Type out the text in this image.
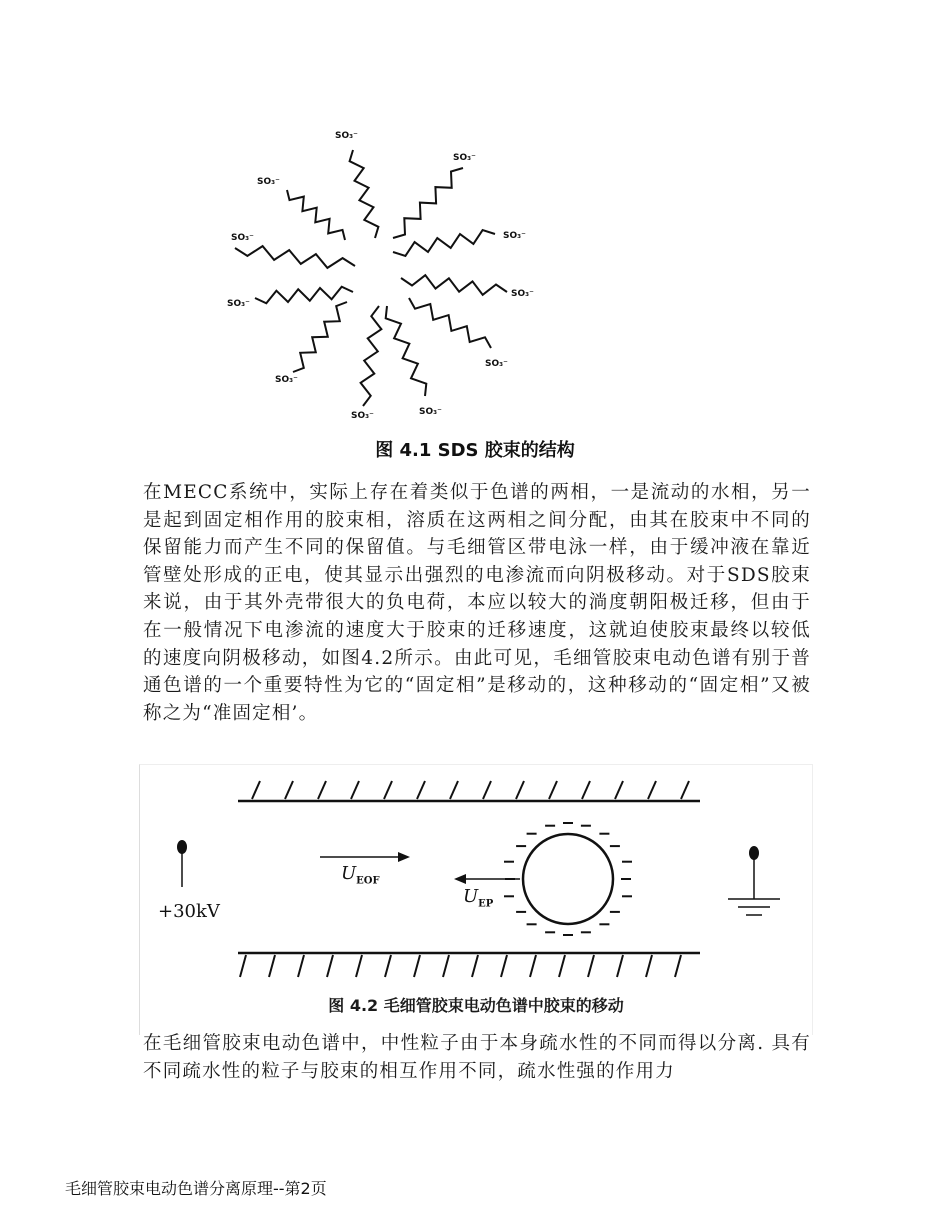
SO₃⁻
SO₃⁻
SO₃⁻
SO₃⁻
SO₃⁻
SO₃⁻
SO₃⁻
SO₃⁻
SO₃⁻
SO₃⁻	SO₃⁻
图 4.1 SDS 胶束的结构

在MECC系统中，实际上存在着类似于色谱的两相，一是流动的水相，另一是起到固定相作用的胶束相，溶质在这两相之间分配，由其在胶束中不同的保留能力而产生不同的保留值。与毛细管区带电泳一样，由于缓冲液在靠近管壁处形成的正电，使其显示出强烈的电渗流而向阴极移动。对于SDS胶束来说，由于其外壳带很大的负电荷，本应以较大的淌度朝阳极迁移，但由于在一般情况下电渗流的速度大于胶束的迁移速度，这就迫使胶束最终以较低的速度向阴极移动，如图4.2所示。由此可见，毛细管胶束电动色谱有别于普通色谱的一个重要特性为它的“固定相”是移动的，这种移动的“固定相”又被称之为“准固定相’。

+30kV
$U_{EOF}$
$U_{EP}$
图 4.2 毛细管胶束电动色谱中胶束的移动

在毛细管胶束电动色谱中，中性粒子由于本身疏水性的不同而得以分离. 具有不同疏水性的粒子与胶束的相互作用不同，疏水性强的作用力

毛细管胶束电动色谱分离原理--第2页
